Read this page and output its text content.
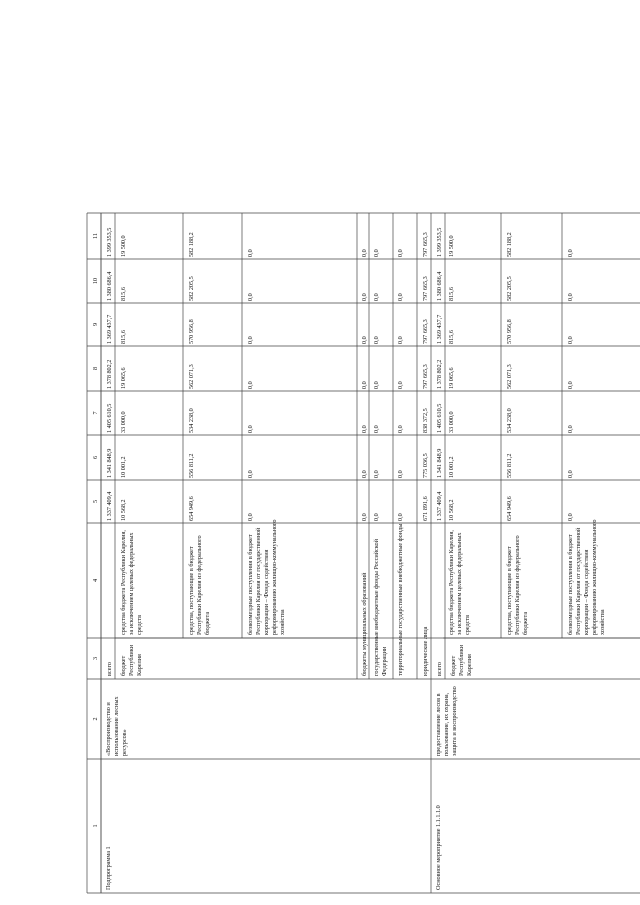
1
2
3
4
5
6
7
8
9
10
11
Подпрограмма 1
«Воспроизводство ииспользование лесныхресурсов»
всего
1 337 409,4
1 341 848,9
1 405 610,5
1 378 802,2
1 369 437,7
1 380 686,4
1 399 353,5
бюджет РеспубликиКарелия
средства бюджета Республики Карелия,за исключением целевых федеральныхсредств
10 568,2
10 001,2
33 000,0
19 065,6
815,6
815,6
19 500,0
средства, поступающие в бюджетРеспублики Карелия из федеральногобюджета
654 949,6
556 811,2
534 238,0
562 071,3
570 956,8
582 205,5
582 188,2
безвозмездные поступления в бюджетРеспублики Карелия от государственнойкорпорации – Фонда содействияреформированию жилищно-коммунальногохозяйства
0,0
0,0
0,0
0,0
0,0
0,0
0,0
бюджеты муниципальных образований
0,0
0,0
0,0
0,0
0,0
0,0
0,0
государственные внебюджетные фонды РоссийскойФедерации
0,0
0,0
0,0
0,0
0,0
0,0
0,0
территориальные государственные внебюджетные фонды
0,0
0,0
0,0
0,0
0,0
0,0
0,0
юридические лица
671 891,6
775 036,5
838 372,5
797 665,3
797 665,3
797 665,3
797 665,3
Основное мероприятие 1.1.1.1.0
предоставление лесов впользование, их охрана,защита и воспроизводство
всего
1 337 409,4
1 341 848,9
1 405 610,5
1 378 802,2
1 369 437,7
1 380 686,4
1 399 353,5
бюджет РеспубликиКарелия
средства бюджета Республики Карелия,за исключением целевых федеральныхсредств
10 568,2
10 001,2
33 000,0
19 065,6
815,6
815,6
19 500,0
средства, поступающие в бюджетРеспублики Карелия из федеральногобюджета
654 949,6
556 811,2
534 238,0
562 071,3
570 956,8
582 205,5
582 188,2
безвозмездные поступления в бюджетРеспублики Карелия от государственнойкорпорации – Фонда содействияреформированию жилищно-коммунальногохозяйства
0,0
0,0
0,0
0,0
0,0
0,0
0,0
